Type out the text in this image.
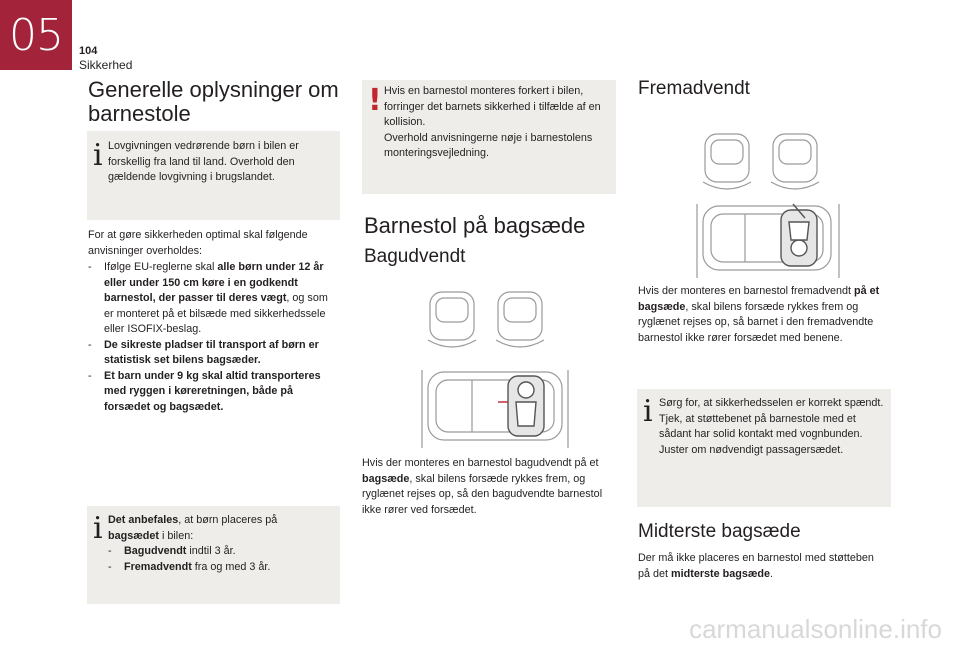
05 104
Sikkerhed
Generelle oplysninger om
barnestole
i Lovgivningen vedrørende børn i bilen er forskellig fra land til land. Overhold den gældende lovgivning i brugslandet.

For at gøre sikkerheden optimal skal følgende anvisninger overholdes:

- Ifølge EU-reglerne skal alle børn under 12 år eller under 150 cm køre i en godkendt barnestol, der passer til deres vægt, og som er monteret på et bilsæde med sikkerhedssele eller ISOFIX-beslag.
- De sikreste pladser til transport af børn er statistisk set bilens bagsæder.
- Et barn under 9 kg skal altid transporteres med ryggen i køreretningen, både på forsædet og bagsædet.
i Det anbefales, at børn placeres på bagsædet i bilen:
- Bagudvendt indtil 3 år.
- Fremadvendt fra og med 3 år.
! Hvis en barnestol monteres forkert i bilen, forringer det barnets sikkerhed i tilfælde af en kollision.

Overhold anvisningerne nøje i barnestolens monteringsvejledning.

Barnestol på bagsæde
Bagudvendt

Hvis der monteres en barnestol bagudvendt på et bagsæde, skal bilens forsæde rykkes frem, og ryglænet rejses op, så den bagudvendte barnestol ikke rører ved forsædet.

Fremadvendt

Hvis der monteres en barnestol fremadvendt på et bagsæde, skal bilens forsæde rykkes frem og ryglænet rejses op, så barnet i den fremadvendte barnestol ikke rører forsædet med benene.

i Sørg for, at sikkerhedsselen er korrekt spændt.

Tjek, at støttebenet på barnestole med et sådant har solid kontakt med vognbunden.

Juster om nødvendigt passagersædet.

Midterste bagsæde

Der må ikke placeres en barnestol med støtteben på det midterste bagsæde.

carmanualsonline.info
